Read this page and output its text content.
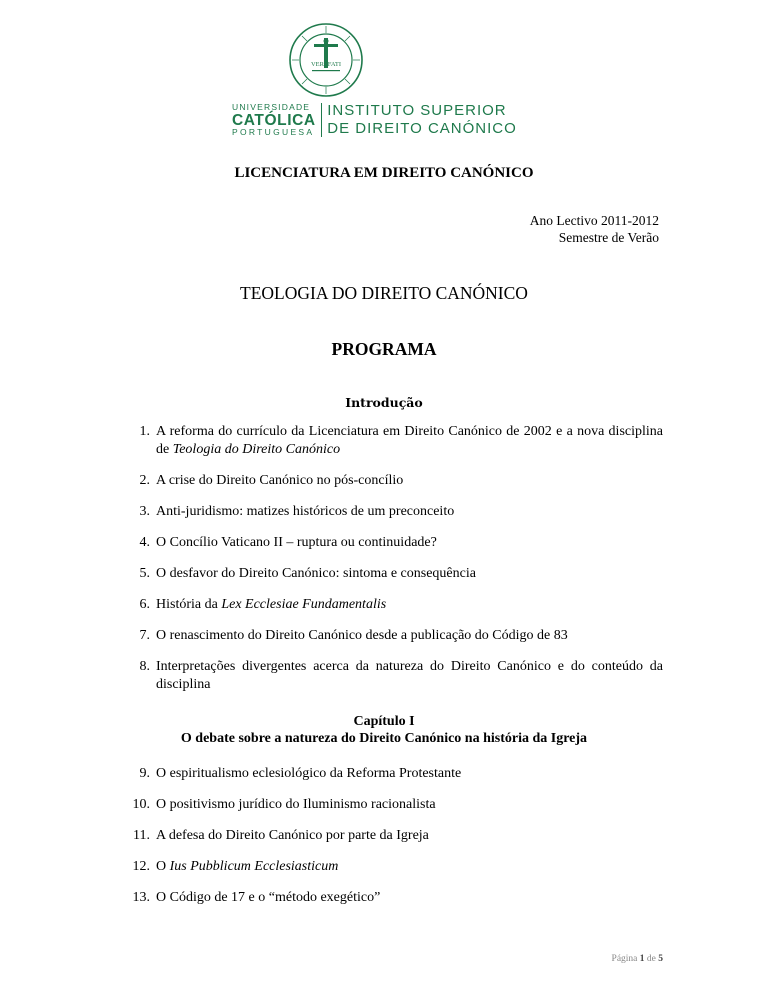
VERI FATI
UNIVERSIDADE
CATÓLICA
PORTUGUESA
INSTITUTO SUPERIOR
DE DIREITO CANÓNICO
LICENCIATURA EM DIREITO CANÓNICO
Ano Lectivo 2011-2012
Semestre de Verão
TEOLOGIA DO DIREITO CANÓNICO
PROGRAMA
Introdução
1. A reforma do currículo da Licenciatura em Direito Canónico de 2002 e a nova disciplina de Teologia do Direito Canónico
2. A crise do Direito Canónico no pós-concílio
3. Anti-juridismo: matizes históricos de um preconceito
4. O Concílio Vaticano II – ruptura ou continuidade?
5. O desfavor do Direito Canónico: sintoma e consequência
6. História da Lex Ecclesiae Fundamentalis
7. O renascimento do Direito Canónico desde a publicação do Código de 83
8. Interpretações divergentes acerca da natureza do Direito Canónico e do conteúdo da disciplina
Capítulo I
O debate sobre a natureza do Direito Canónico na história da Igreja
9. O espiritualismo eclesiológico da Reforma Protestante
10. O positivismo jurídico do Iluminismo racionalista
11. A defesa do Direito Canónico por parte da Igreja
12. O Ius Pubblicum Ecclesiasticum
13. O Código de 17 e o “método exegético”
Página 1 de 5
